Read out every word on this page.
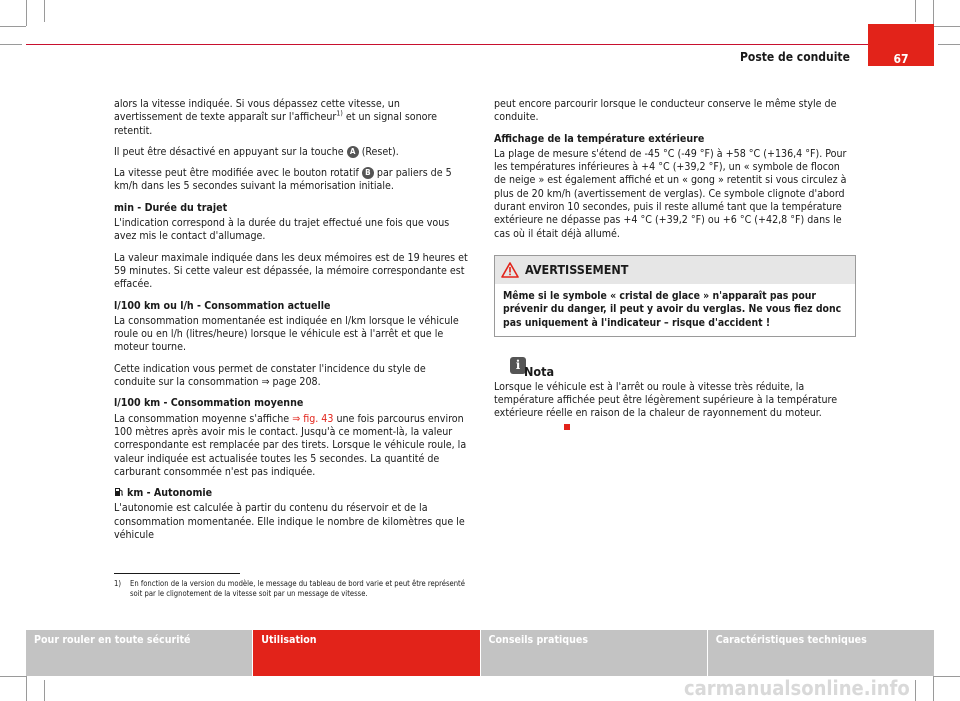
Poste de conduite	67

alors la vitesse indiquée. Si vous dépassez cette vitesse, un avertissement de texte apparaît sur l'afficheur$^{1)}$ et un signal sonore retentit.

Il peut être désactivé en appuyant sur la touche A (Reset).

La vitesse peut être modifiée avec le bouton rotatif B par paliers de 5 km/h dans les 5 secondes suivant la mémorisation initiale.

min - Durée du trajet

L'indication correspond à la durée du trajet effectué une fois que vous avez mis le contact d'allumage.

La valeur maximale indiquée dans les deux mémoires est de 19 heures et 59 minutes. Si cette valeur est dépassée, la mémoire correspondante est effacée.

l/100 km ou l/h - Consommation actuelle

La consommation momentanée est indiquée en l/km lorsque le véhicule roule ou en l/h (litres/heure) lorsque le véhicule est à l'arrêt et que le moteur tourne.

Cette indication vous permet de constater l'incidence du style de conduite sur la consommation ⇒ page 208.

l/100 km - Consommation moyenne

La consommation moyenne s'affiche ⇒ fig. 43 une fois parcourus environ 100 mètres après avoir mis le contact. Jusqu'à ce moment-là, la valeur correspondante est remplacée par des tirets. Lorsque le véhicule roule, la valeur indiquée est actualisée toutes les 5 secondes. La quantité de carburant consommée n'est pas indiquée.

km - Autonomie

L'autonomie est calculée à partir du contenu du réservoir et de la consommation momentanée. Elle indique le nombre de kilomètres que le véhicule

peut encore parcourir lorsque le conducteur conserve le même style de conduite.

Affichage de la température extérieure

La plage de mesure s'étend de -45 °C (-49 °F) à +58 °C (+136,4 °F). Pour les températures inférieures à +4 °C (+39,2 °F), un « symbole de flocon de neige » est également affiché et un « gong » retentit si vous circulez à plus de 20 km/h (avertissement de verglas). Ce symbole clignote d'abord durant environ 10 secondes, puis il reste allumé tant que la température extérieure ne dépasse pas +4 °C (+39,2 °F) ou +6 °C (+42,8 °F) dans le cas où il était déjà allumé.

AVERTISSEMENT
Même si le symbole « cristal de glace » n'apparaît pas pour prévenir du danger, il peut y avoir du verglas. Ne vous fiez donc pas uniquement à l'indicateur – risque d'accident !
i Nota

Lorsque le véhicule est à l'arrêt ou roule à vitesse très réduite, la température affichée peut être légèrement supérieure à la température extérieure réelle en raison de la chaleur de rayonnement du moteur.

1) En fonction de la version du modèle, le message du tableau de bord varie et peut être représenté soit par le clignotement de la vitesse soit par un message de vitesse.
Pour rouler en toute sécurité	Utilisation	Conseils pratiques	Caractéristiques techniques
carmanualsonline.info
